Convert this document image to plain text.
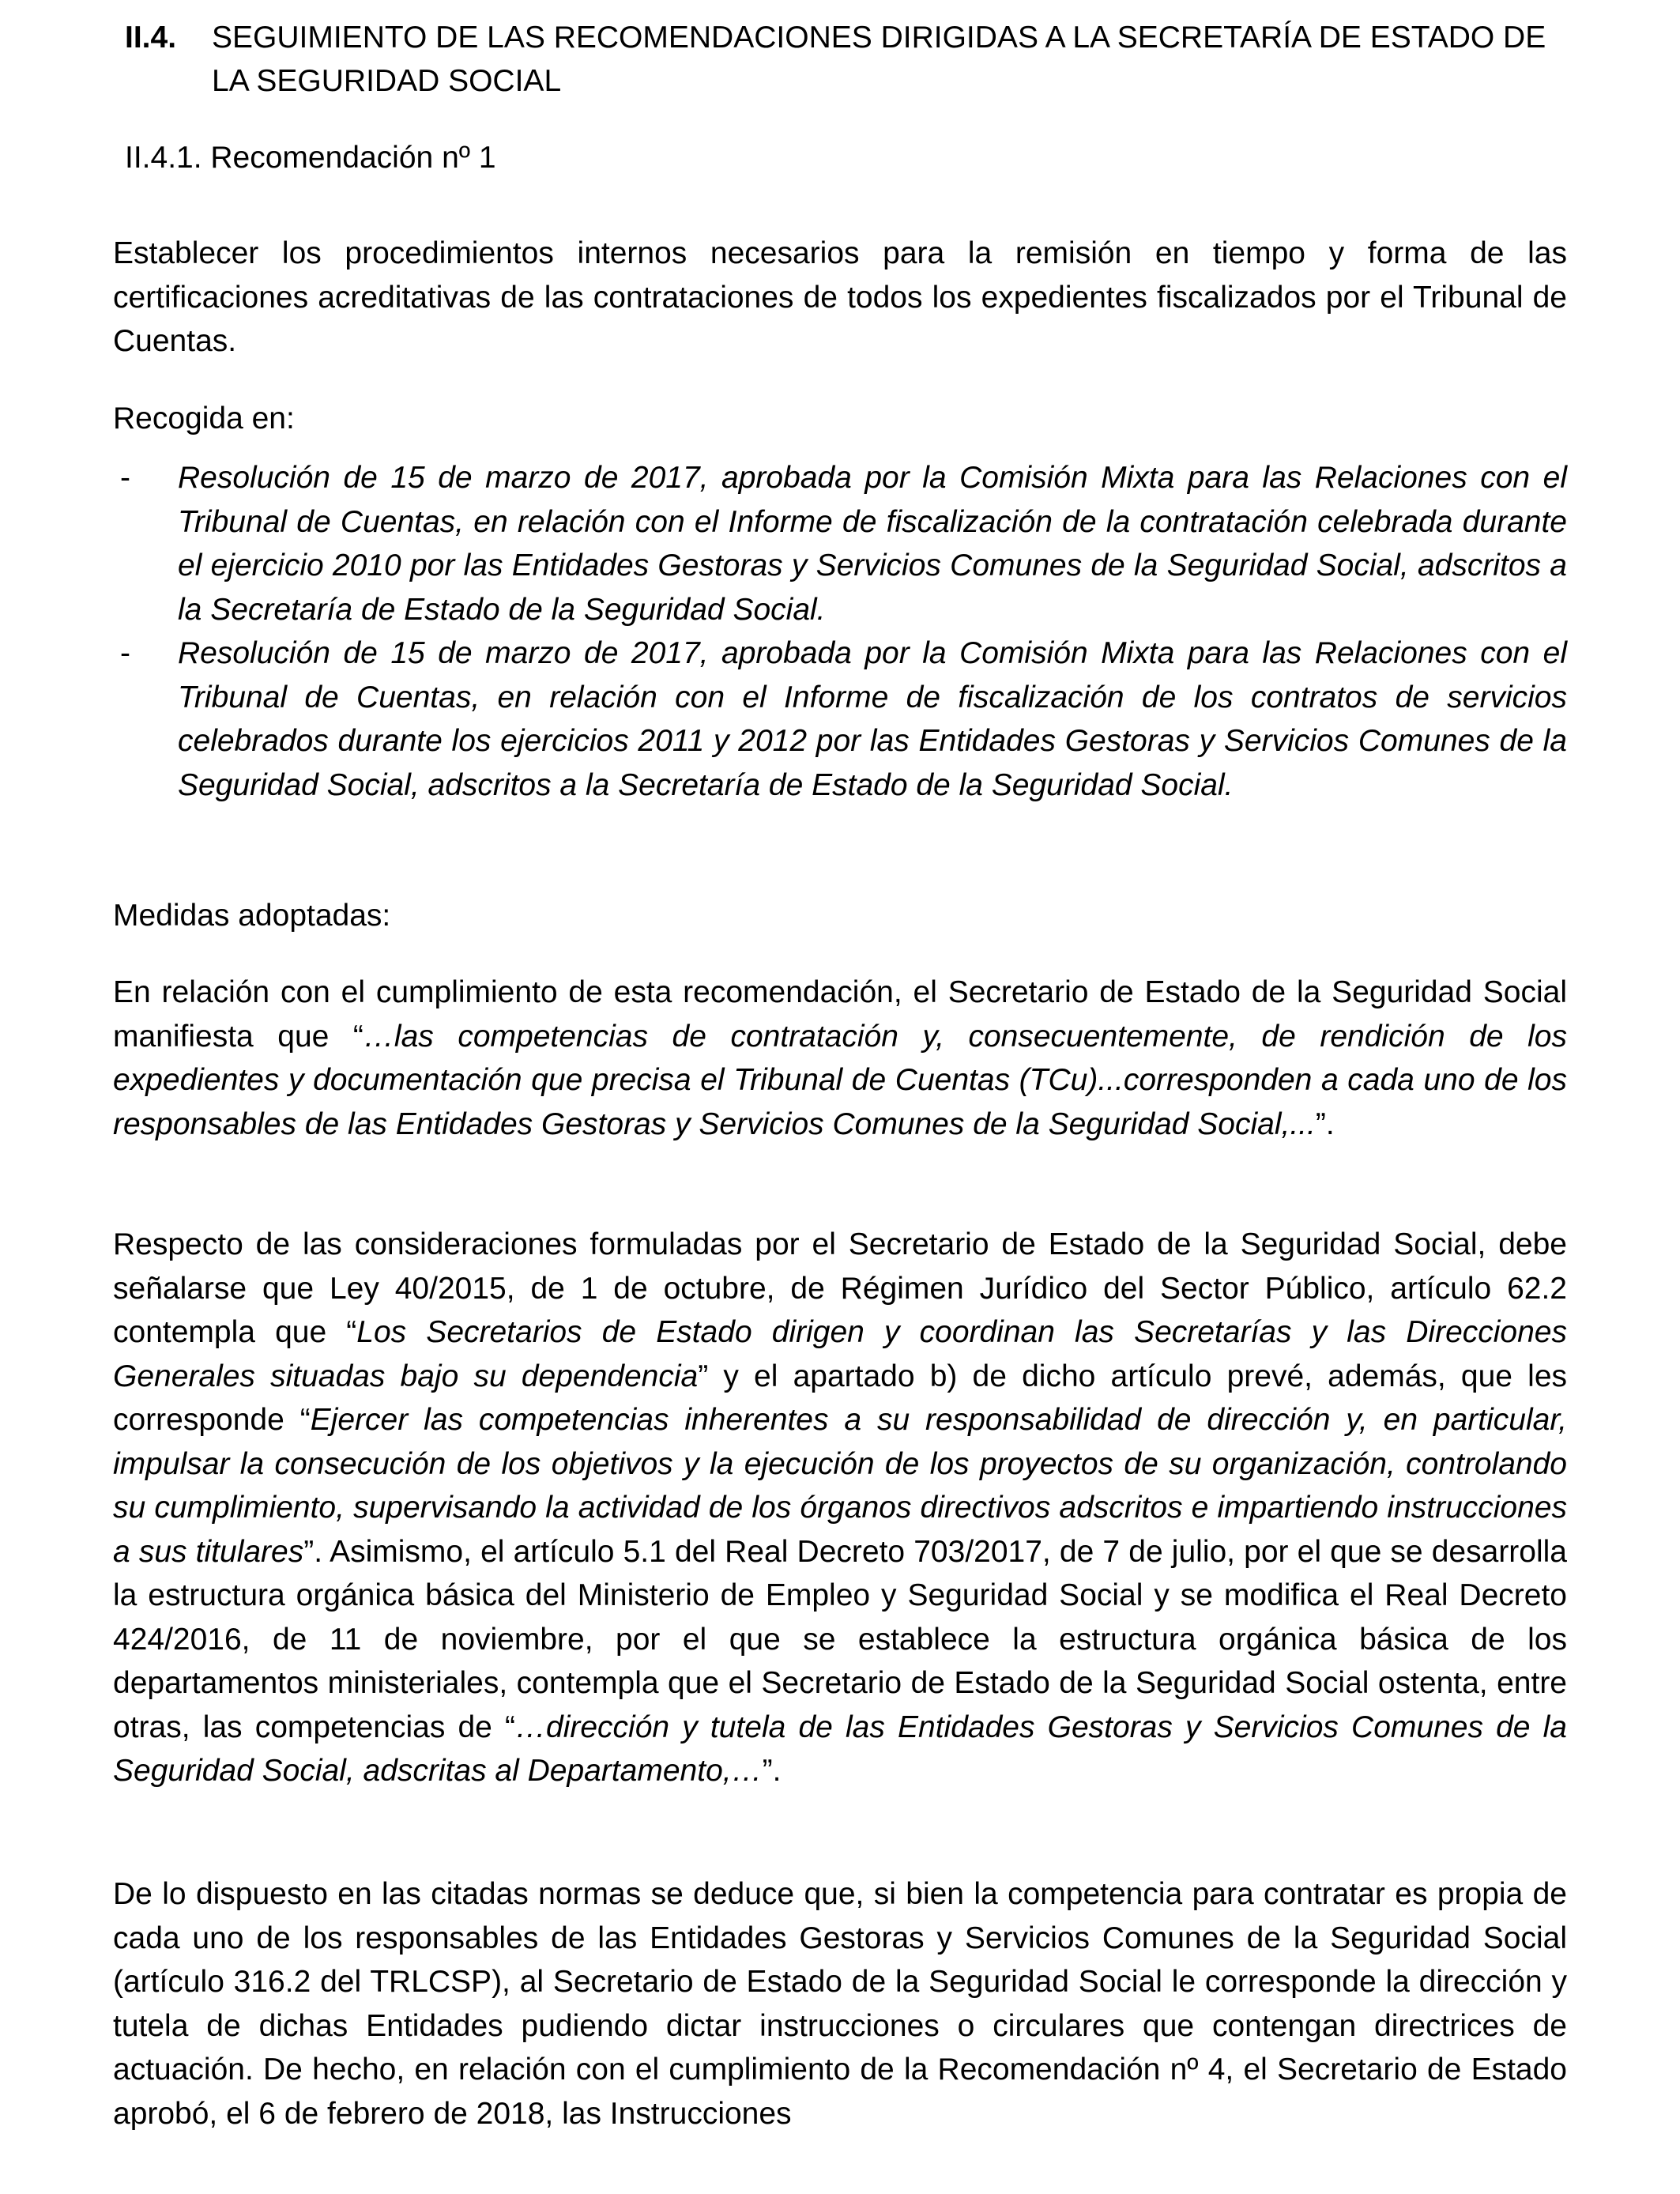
II.4. SEGUIMIENTO DE LAS RECOMENDACIONES DIRIGIDAS A LA SECRETARÍA DE ESTADO DE LA SEGURIDAD SOCIAL
II.4.1. Recomendación nº 1

Establecer los procedimientos internos necesarios para la remisión en tiempo y forma de las certificaciones acreditativas de las contrataciones de todos los expedientes fiscalizados por el Tribunal de Cuentas.

Recogida en:

- Resolución de 15 de marzo de 2017, aprobada por la Comisión Mixta para las Relaciones con el Tribunal de Cuentas, en relación con el Informe de fiscalización de la contratación celebrada durante el ejercicio 2010 por las Entidades Gestoras y Servicios Comunes de la Seguridad Social, adscritos a la Secretaría de Estado de la Seguridad Social.
- Resolución de 15 de marzo de 2017, aprobada por la Comisión Mixta para las Relaciones con el Tribunal de Cuentas, en relación con el Informe de fiscalización de los contratos de servicios celebrados durante los ejercicios 2011 y 2012 por las Entidades Gestoras y Servicios Comunes de la Seguridad Social, adscritos a la Secretaría de Estado de la Seguridad Social.

Medidas adoptadas:

En relación con el cumplimiento de esta recomendación, el Secretario de Estado de la Seguridad Social manifiesta que “…las competencias de contratación y, consecuentemente, de rendición de los expedientes y documentación que precisa el Tribunal de Cuentas (TCu)...corresponden a cada uno de los responsables de las Entidades Gestoras y Servicios Comunes de la Seguridad Social,...”.

Respecto de las consideraciones formuladas por el Secretario de Estado de la Seguridad Social, debe señalarse que Ley 40/2015, de 1 de octubre, de Régimen Jurídico del Sector Público, artículo 62.2 contempla que “Los Secretarios de Estado dirigen y coordinan las Secretarías y las Direcciones Generales situadas bajo su dependencia” y el apartado b) de dicho artículo prevé, además, que les corresponde “Ejercer las competencias inherentes a su responsabilidad de dirección y, en particular, impulsar la consecución de los objetivos y la ejecución de los proyectos de su organización, controlando su cumplimiento, supervisando la actividad de los órganos directivos adscritos e impartiendo instrucciones a sus titulares”. Asimismo, el artículo 5.1 del Real Decreto 703/2017, de 7 de julio, por el que se desarrolla la estructura orgánica básica del Ministerio de Empleo y Seguridad Social y se modifica el Real Decreto 424/2016, de 11 de noviembre, por el que se establece la estructura orgánica básica de los departamentos ministeriales, contempla que el Secretario de Estado de la Seguridad Social ostenta, entre otras, las competencias de “…dirección y tutela de las Entidades Gestoras y Servicios Comunes de la Seguridad Social, adscritas al Departamento,…”.

De lo dispuesto en las citadas normas se deduce que, si bien la competencia para contratar es propia de cada uno de los responsables de las Entidades Gestoras y Servicios Comunes de la Seguridad Social (artículo 316.2 del TRLCSP), al Secretario de Estado de la Seguridad Social le corresponde la dirección y tutela de dichas Entidades pudiendo dictar instrucciones o circulares que contengan directrices de actuación. De hecho, en relación con el cumplimiento de la Recomendación nº 4, el Secretario de Estado aprobó, el 6 de febrero de 2018, las Instrucciones
